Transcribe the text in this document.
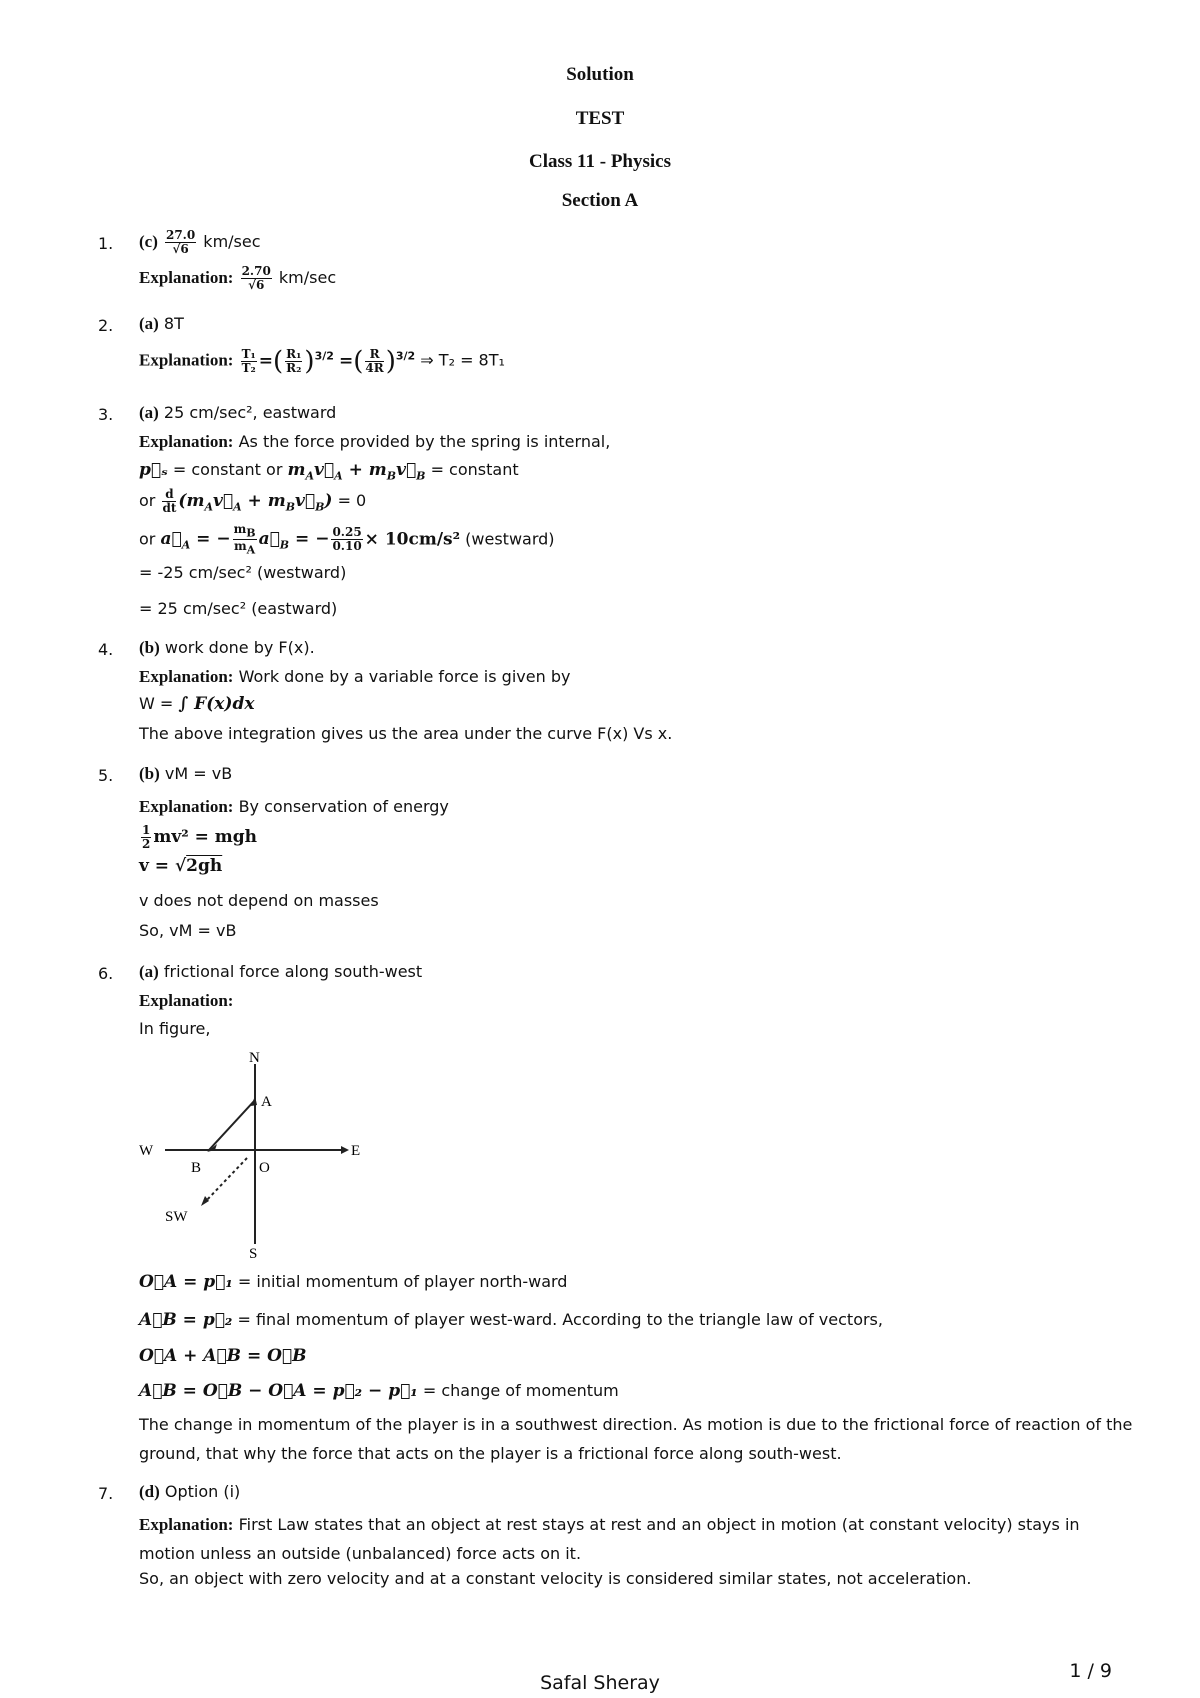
Solution
TEST
Class 11 - Physics
Section A
1. $(c) \frac{27.0}{√6} km/\sec$
Explanation: $\frac{2.70}{√6} km/\sec$
2. (a) 8T
Explanation: $\frac{\text{T₁}}{\text{T₂}}$ =( $\frac{\text{R₁}}{\text{R₂}} )^{3/2}$ =( $\frac{R}{4R} )^{3/2}$ ⇒ T₂ = 8T₁
3. (a) 25 cm/sec², eastward
Explanation: As the force provided by the spring is internal,
p⃗ₛ = constant or $m_Av⃗_A$ + $m_Bv⃗_B$ = constant
or $\frac{d}{dt}$ ($m_Av⃗_A$ + $m_Bv⃗_B) = 0$
or $a⃗_A$ = − $\frac{m_B}{m_A}$ $a⃗_B$ = − $\frac{0.25}{0.10} \times 10cm/s^2$ (westward)
= -25 cm/sec² (westward)
= 25 cm/sec² (eastward)
4. (b) work done by F(x).
Explanation: Work done by a variable force is given by
W = ∫ F(x)dx
The above integration gives us the area under the curve F(x) Vs x.
5. (b) vM = vB
Explanation: By conservation of energy
$\frac{1}{2} mv^2$ = mgh
v = √2gh
v does not depend on masses
So, vM = vB
6. (a) frictional force along south-west
Explanation:
In figure,
N
A
W	E
B	O
SW
S
O⃗A = p⃗₁ = initial momentum of player north-ward
A⃗B = p⃗₂ = final momentum of player west-ward. According to the triangle law of vectors,
O⃗A + A⃗B = O⃗B
A⃗B = O⃗B − O⃗A = p⃗₂ − p⃗₁ = change of momentum
The change in momentum of the player is in a southwest direction. As motion is due to the frictional force of reaction of the ground, that why the force that acts on the player is a frictional force along south-west.
7. (d) Option (i)
Explanation: First Law states that an object at rest stays at rest and an object in motion (at constant velocity) stays in motion unless an outside (unbalanced) force acts on it.
So, an object with zero velocity and at a constant velocity is considered similar states, not acceleration.
Safal Sheray
1 / 9
